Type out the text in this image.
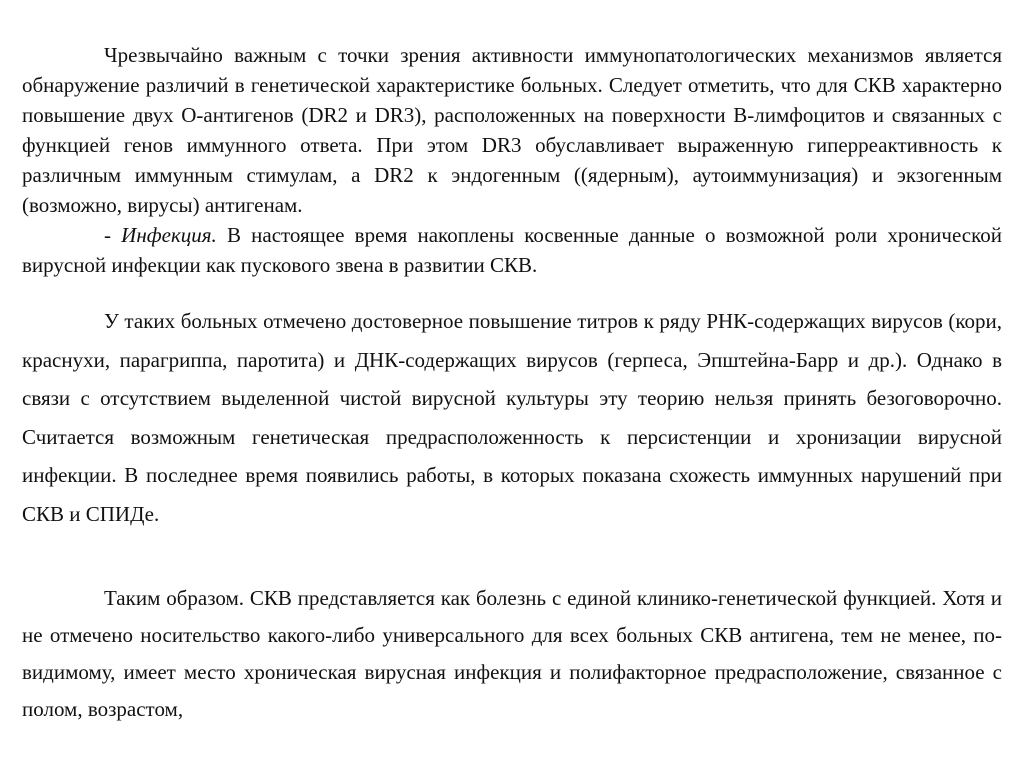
Чрезвычайно важным с точки зрения активности иммунопатологических механизмов является обнаружение различий в генетической характеристике больных. Следует отметить, что для СКВ характерно повышение двух О-антигенов (DR2 и DR3), расположенных на поверхности В-лимфоцитов и связанных с функцией генов иммунного ответа. При этом DR3 обуславливает выраженную гиперреактивность к различным иммунным стимулам, а DR2 к эндогенным ((ядерным), аутоиммунизация) и экзогенным (возможно, вирусы) антигенам.

- Инфекция. В настоящее время накоплены косвенные данные о возможной роли хронической вирусной инфекции как пускового звена в развитии СКВ.

У таких больных отмечено достоверное повышение титров к ряду РНК-содержащих вирусов (кори, краснухи, парагриппа, паротита) и ДНК-содержащих вирусов (герпеса, Эпштейна-Барр и др.). Однако в связи с отсутствием выделенной чистой вирусной культуры эту теорию нельзя принять безоговорочно. Считается возможным генетическая предрасположенность к персистенции и хронизации вирусной инфекции. В последнее время появились работы, в которых показана схожесть иммунных нарушений при СКВ и СПИДе.

Таким образом. СКВ представляется как болезнь с единой клинико-генетической функцией. Хотя и не отмечено носительство какого-либо универсального для всех больных СКВ антигена, тем не менее, по-видимому, имеет место хроническая вирусная инфекция и полифакторное предрасположение, связанное с полом, возрастом,
